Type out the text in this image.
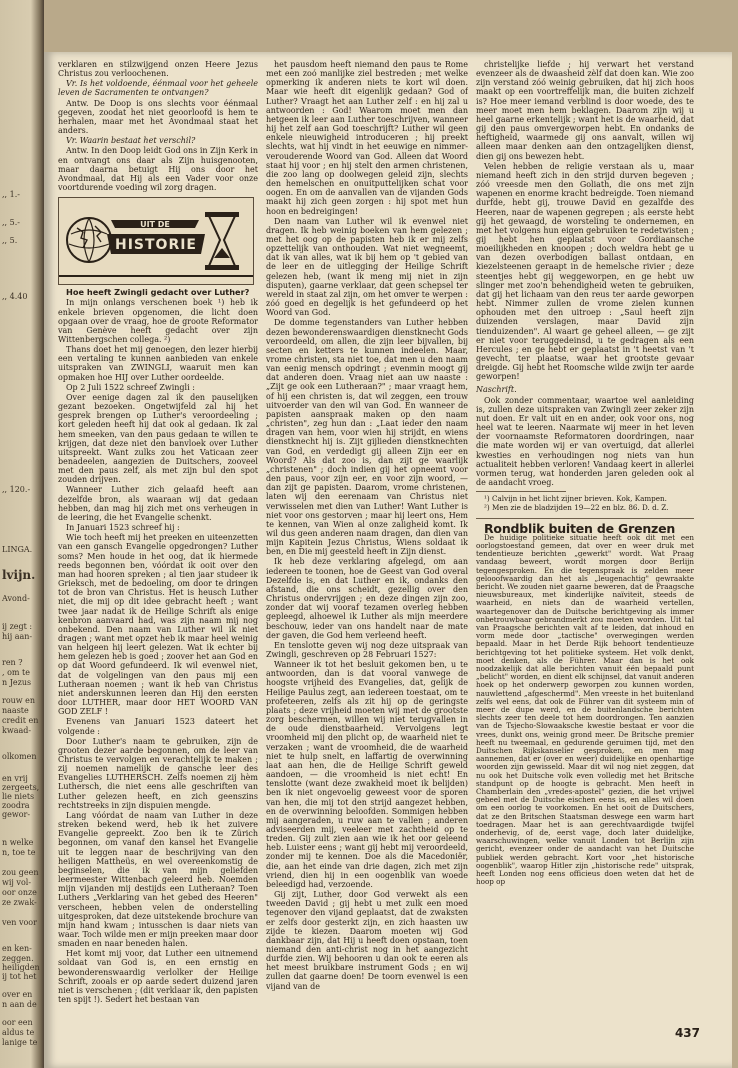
,, 1.-
,, 5.-
,, 5.
,, 4.40
,, 120.-
LINGA.
lvijn.
Avond-
ij zegt :
hij aan-
ren ?
, om te
n Jezus
rouw en
naaste
credit en
kwaad-
olkomen
en vrij
zergeets,
lie niets
zoodra
gewor-
n welke
n, toe te
zou geen
wij vol-
oor onze
ze zwak-
ven voor
en ken-
zeggen.
heiligden
ij tot het
over en
n aan de
oor een
aldus te
lanige te

verklaren en stilzwijgend onzen Heere Jezus Christus zou verloochenen.

Vr. Is het voldoende, éénmaal voor het geheele leven de Sacramenten te ontvangen?

Antw. De Doop is ons slechts voor éénmaal gegeven, zoodat het niet geoorloofd is hem te herhalen, maar met het Avondmaal staat het anders.

Vr. Waarin bestaat het verschil?

Antw. In den Doop leidt God ons in Zijn Kerk in en ontvangt ons daar als Zijn huisgenooten, maar daarna betuigt Hij ons door het Avondmaal, dat Hij als een Vader voor onze voortdurende voeding wil zorg dragen.

UIT DE
HISTORIE

Hoe heeft Zwingli gedacht over Luther?

In mijn onlangs verschenen boek ¹) heb ik enkele brieven opgenomen, die licht doen opgaan over de vraag, hoe de groote Reformator van Genève heeft gedacht over zijn Wittenbergschen collega. ²)

Thans doet het mij genoegen, den lezer hierbij een vertaling te kunnen aanbieden van enkele uitspraken van ZWINGLI, waaruit men kan opmaken hoe HIJ over Luther oordeelde.

Op 2 Juli 1522 schreef Zwingli :

Over eenige dagen zal ik den pauselijken gezant bezoeken. Ongetwijfeld zal hij het gesprek brengen op Luther's veroordeeling ; kort geleden heeft hij dat ook al gedaan. Ik zal hem smeeken, van den paus gedaan te willen te krijgen, dat deze niet den banvloek over Luther uitspreekt. Want zulks zou het Vaticaan zeer benadeelen, aangezien de Duitschers, zooveel met den paus zelf, als met zijn bul den spot zouden drijven.

Wanneer Luther zich gelaafd heeft aan dezelfde bron, als waaraan wij dat gedaan hebben, dan mag hij zich met ons verheugen in de leering, die het Evangelie schenkt.

In Januari 1523 schreef hij :

Wie toch heeft mij het preeken en uiteenzetten van een gansch Evangelie opgedrongen? Luther soms? Men houde in het oog, dat ik hiermede reeds begonnen ben, vóórdat ik ooit over den man had hooren spreken ; al tien jaar studeer ik Grieksch, met de bedoeling, om door te dringen tot de bron van Christus. Het is heusch Luther niet, die mij op dit idee gebracht heeft ; want twee jaar nadat ik de Heilige Schrift als enige kenbron aanvaard had, was zijn naam mij nog onbekend. Den naam van Luther wil ik niet dragen ; want met opzet heb ik maar heel weinig van helgeen hij leert gelezen. Wat ik echter bij hem gelezen heb is goed ; zoover het aan God en op dat Woord gefundeerd. Ik wil evenwel niet, dat de volgelingen van den paus mij een Lutheraan noemen ; want ik heb van Christus niet anderskunnen leeren dan Hij den eersten door LUTHER, maar door HET WOORD VAN GOD ZELF !

Evenens van Januari 1523 dateert het volgende :

Door Luther's naam te gebruiken, zijn de grooten dezer aarde begonnen, om de leer van Christus te vervolgen en verachtelijk te maken ; zij noemen namelijk de gansche leer des Evangelies LUTHERSCH. Zelfs noemen zij hèm Luthersch, die niet eens alle geschriften van Luther gelezen heeft, en zich geenszins rechtstreeks in zijn dispuien mengde.

Lang vóórdat de naam van Luther in deze streken bekend werd, heb ik het zuivere Evangelie gepreekt. Zoo ben ik te Zürich begonnen, om vanaf den kansel het Evangelie uit te leggen naar de beschrijving van den heiligen Mattheüs, en wel overeenkomstig de beginselen, die ik van mijn geliefden leermeester Wittenbach geleerd heb. Noemden mijn vijanden mij destijds een Lutheraan? Toen Luthers „Verklaring van het gebed des Heeren" verscheen, hebben velen de onderstelling uitgesproken, dat deze uitstekende brochure van mijn hand kwam ; intusschen is daar niets van waar. Toch wilde men er mijn preeken maar door smaden en naar beneden halen.

Het komt mij voor, dat Luther een uitnemend soldaat van God is, en een ernstig en bewonderenswaardig verlolker der Heilige Schrift, zooals er op aarde sedert duizend jaren niet is verschenen ; (dit verklaar ik, den papisten ten spijt !). Sedert het bestaan van

het pausdom heeft niemand den paus te Rome met een zoó manlijke ziel bestreden ; met welke opmerking ik anderen niets te kort wil doen. Maar wie heeft dit eigenlijk gedaan? God of Luther? Vraagt het aan Luther zelf : en hij zal u antwoorden : God! Waarom moet men dan hetgeen ik leer aan Luther toeschrijven, wanneer hij het zelf aan God toeschrijft? Luther wil geen enkele nieuwigheid introduceren ; hij preekt slechts, wat hij vindt in het eeuwige en nimmer-verouderende Woord van God. Alleen dat Woord staat hij voor ; en hij stelt den armen christenen, die zoo lang op doolwegen geleid zijn, slechts den hemelschen en onuitputtelijken schat voor oogen. En om de aanvallen van de vijanden Gods maakt hij zich geen zorgen : hij spot met hun hoon en bedreigingen!

Den naam van Luther wil ik evenwel niet dragen. Ik heb weinig boeken van hem gelezen ; met het oog op de papisten heb ik er mij zelfs opzettelijk van onthouden. Wat niet wegneemt, dat ik van alles, wat ik bij hem op 't gebied van de leer en de uitlegging der Heilige Schrift gelezen heb, (want ik meng mij niet in zijn disputen), gaarne verklaar, dat geen schepsel ter wereld in staat zal zijn, om het omver te werpen : zóó goed en degelijk is het gefundeerd op het Woord van God.

De domme tegenstanders van Luther hebben dezen bewonderenswaardigen dienstknecht Gods veroordeeld, om allen, die zijn leer bijvallen, bij secten en ketters te kunnen indeelen. Maar, vrome christen, sta niet toe, dat men u den naam van eenig mensch opdringt ; evenmin moogt gij dat anderen doen. Vraag niet aan uw naaste : „Zijt ge ook een Lutheraan?" ; maar vraagt hem, of hij een christen is, dat wil zeggen, een trouw uitvoerder van den wil van God. En wanneer de papisten aanspraak maken op den naam „christen", zeg hun dan : „Laat ieder den naam dragen van hem, voor wien hij strijdt, en wiens dienstknecht hij is. Zijt gijlieden dienstknechten van God, en verdedigt gij alleen Zijn eer en Woord? Als dat zoo is, dan zijt ge waarlijk „christenen" ; doch indien gij het opneemt voor den paus, voor zijn eer, en voor zijn woord, — dan zijt ge papisten. Daarom, vrome christenen, laten wij den eerenaam van Christus niet verwisselen met dien van Luther! Want Luther is niet voor ons gestorven ; maar hij leert ons, Hem te kennen, van Wien al onze zaligheid komt. Ik wil dus geen anderen naam dragen, dan dien van mijn Kapitein Jezus Christus, Wiens soldaat ik ben, en Die mij geesteld heeft in Zijn dienst.

Ik heb deze verklaring afgelegd, om aan iedereen te toonen, hoe de Geest van God overal Dezelfde is, en dat Luther en ik, ondanks den afstand, die ons scheidt, gezellig over den Christus ondervrijgen ; en deze dingen zijn zoo, zonder dat wij vooraf tezamen overleg hebben gepleegd, alhoewel ik Luther als mijn meerdere beschouw, ieder van ons handelt naar de mate der gaven, die God hem verleend heeft.

En tenslotte geven wij nog deze uitspraak van Zwingli, geschreven op 28 Februari 1527:

Wanneer ik tot het besluit gekomen ben, u te antwoorden, dan is dat vooral vanwege de hoogste vrijheid des Evangelies, dat, gelijk de Heilige Paulus zegt, aan iedereen toestaat, om te profeteeren, zelfs als zit hij op de geringste plaats ; deze vrijheid moeten wij met de grootste zorg beschermen, willen wij niet terugvallen in de oude dienstbaarheid. Vervolgens legt vroomheid mij den plicht op, de waarheid niet te verzaken ; want de vroomheid, die de waarheid niet te hulp snelt, en laffartig de overwinning laat aan hen, die de Heilige Schrift geweld aandoen, — die vroomheid is niet echt! En tenslotte (want deze zwakheid moet ik belijden) ben ik niet ongevoelig geweest voor de sporen van hen, die mij tot den strijd aangezet hebben, en de overwinning beloofden. Sommigen hebben mij aangeraden, u ruw aan te vallen ; anderen adviseerden mij, veeleer met zachtheid op te treden. Gij zult zien aan wie ik het oor geleend heb. Luister eens ; want gij hebt mij veroordeeld, zonder mij te kennen. Doe als die Macedoniër, die, aan het einde van drie dagen, zich met zijn vriend, dien hij in een oogenblik van woede beleedigd had, verzoende.

Gij zijt, Luther, door God verwekt als een tweeden David ; gij hebt u met zulk een moed tegenover den vijand geplaatst, dat de zwaksten er zelfs door gesterkt zijn, en zich haasten uw zijde te kiezen. Daarom moeten wij God dankbaar zijn, dat Hij u heeft doen opstaan, toen niemand den anti-christ nog in het aangezicht durfde zien. Wij behooren u dan ook te eeren als het meest bruikbare instrument Gods ; en wij zullen dat gaarne doen! De toorn evenwel is een vijand van de

christelijke liefde ; hij verwart het verstand evenzeer als de dwaasheid zèlf dat doen kan. Wie zoo zijn verstand zóó weinig gebruiken, dat hij zich hoos maakt op een voortreffelijk man, die buiten zichzelf is? Hoe meer iemand verblind is door woede, des te meer moet men hem beklagen. Daarom zijn wij u heel gaarne erkentelijk ; want het is de waarheid, dat gij den paus omvergeworpen hebt. En ondanks de heftigheid, waarmede gij ons aanvalt, willen wij alleen maar denken aan den ontzagelijken dienst, dien gij ons bewezen hebt.

Velen hebben de religie verstaan als u, maar niemand heeft zich in den strijd durven begeven ; zóó vreesde men den Goliath, die ons met zijn wapenen en enorme kracht bedreigde. Toen niemand durfde, hebt gij, trouwe David en gezalfde des Heeren, naar de wapenen gegrepen ; als eerste hebt gij het gewaagd, de worsteling te ondernemen, en met het volgens hun eigen gebruiken te redetwisten ; gij hebt hen geplaatst voor Gordiaansche moeilijkheden en knoopen ; doch weldra hebt ge u van dezen overbodigen ballast ontdaan, en kiezelsteenen geraapt in de hemelsche rivier ; deze steentjes hebt gij weggeworpen, en ge hebt uw slinger met zoo'n behendigheid weten te gebruiken, dat gij het lichaam van den reus ter aarde geworpen hebt. Nimmer zullen de vrome zielen kunnen ophouden met den uitroep : „Saul heeft zijn duizenden verslagen, maar David zijn tienduizenden". Al waart ge geheel alleen, — ge zijt er niet voor teruggedeinsd, u te gedragen als een Hercules ; en ge hebt er geplaatst in 't heetst van 't gevecht, ter plaatse, waar het grootste gevaar dreigde. Gij hebt het Roomsche wilde zwijn ter aarde geworpen!

Naschrift.

Ook zonder commentaar, waartoe wel aanleiding is, zullen deze uitspraken van Zwingli zeer zeker zijn nut doen. Er valt uit en en ander, ook voor ons, nog heel wat te leeren. Naarmate wij meer in het leven der voornaamste Reformatoren doordringen, naar die mate worden wij er van overtuigd, dat allerlei kwesties en verhoudingen nog niets van hun actualiteit hebben verloren! Vandaag keert in allerlei vormen terug, wat honderden jaren geleden ook al de aandacht vroeg.

¹) Calvijn in het licht zijner brieven. Kok, Kampen.

²) Men zie de bladzijden 19—22 en blz. 86. D. d. Z.

Rondblik buiten de Grenzen

De huidige politieke situatie heeft ook dit met een oorlogstoestand gemeen, dat over en weer druk met tendentieuze berichten „gewerkt" wordt. Wat Praag vandaag beweert, wordt morgen door Berlijn tegengesproken. En die tegenspraak is zelden meer gelooofwaardig dan het als „leugenachtig" gewraakte bericht. We zouden niet gaarne beweren, dat de Praagsche nieuwsbureaux, met kinderlijke naïviteit, steeds de waarheid, en niets dan de waarheid vertellen, waartegenover dan de Duitsche berichtgeving als immer onbetrouwbaar gebrandmerkt zou moeten worden. Uit tal van Praagsche berichten valt af te leiden, dat inhoud en vorm mede door „tactische" overwegingen werden bepaald. Maar in het Derde Rijk behoort tendentieuze berichtgeving tot het politieke systeem. Het volk denkt, moet denken, als de Führer. Maar dan is het ook noodzakelijk dat alle berichten vanuit één bepaald punt „belicht" worden, en dient elk schijnsel, dat vanuit anderen hoek op het onderwerp geworpen zou kunnen worden, nauwlettend „afgeschermd". Men vreeste in het buitenland zelfs wel eens, dat ook de Führer van dit systeem min of meer de dupe werd, en de buitenlandsche berichten slechts zeer ten deele tot hem doordrongen. Ten aanzien van de Tsjecho-Slowaaksche kwestie bestaat er voor die vrees, dunkt ons, weinig grond meer. De Britsche premier heeft nu tweemaal, en gedurende geruimen tijd, met den Duitschen Rijkskanselier gesproken, en men mag aannemen, dat er (over en weer) duidelijke en openhartige woorden zijn gewisseld. Maar dit wil nog niet zeggen, dat nu ook het Duitsche volk even volledig met het Britsche standpunt op de hoogte is gebracht. Men heeft in Chamberlain den „vredes-apostel" gezien, die het vrijwel gebeel met de Duitsche eischen eens is, en alles wil doen om een oorlog te voorkomen. En het ooit de Duitschers, dat ze den Britschen Staatsman deswege een warm hart toedragen. Maar het is aan gerechtvaardigde twijfel onderhevig, of de, eerst vage, doch later duidelijke, waarschuwingen, welke vanuit Londen tot Berlijn zijn gericht, evenzeer onder de aandacht van het Duitsche publiek werden gebracht. Kort voor „het historische oogenblik", waarop Hitler zijn „historische rede" uitsprak, heeft Londen nog eens officieus doen weten dat het de hoop op

437
